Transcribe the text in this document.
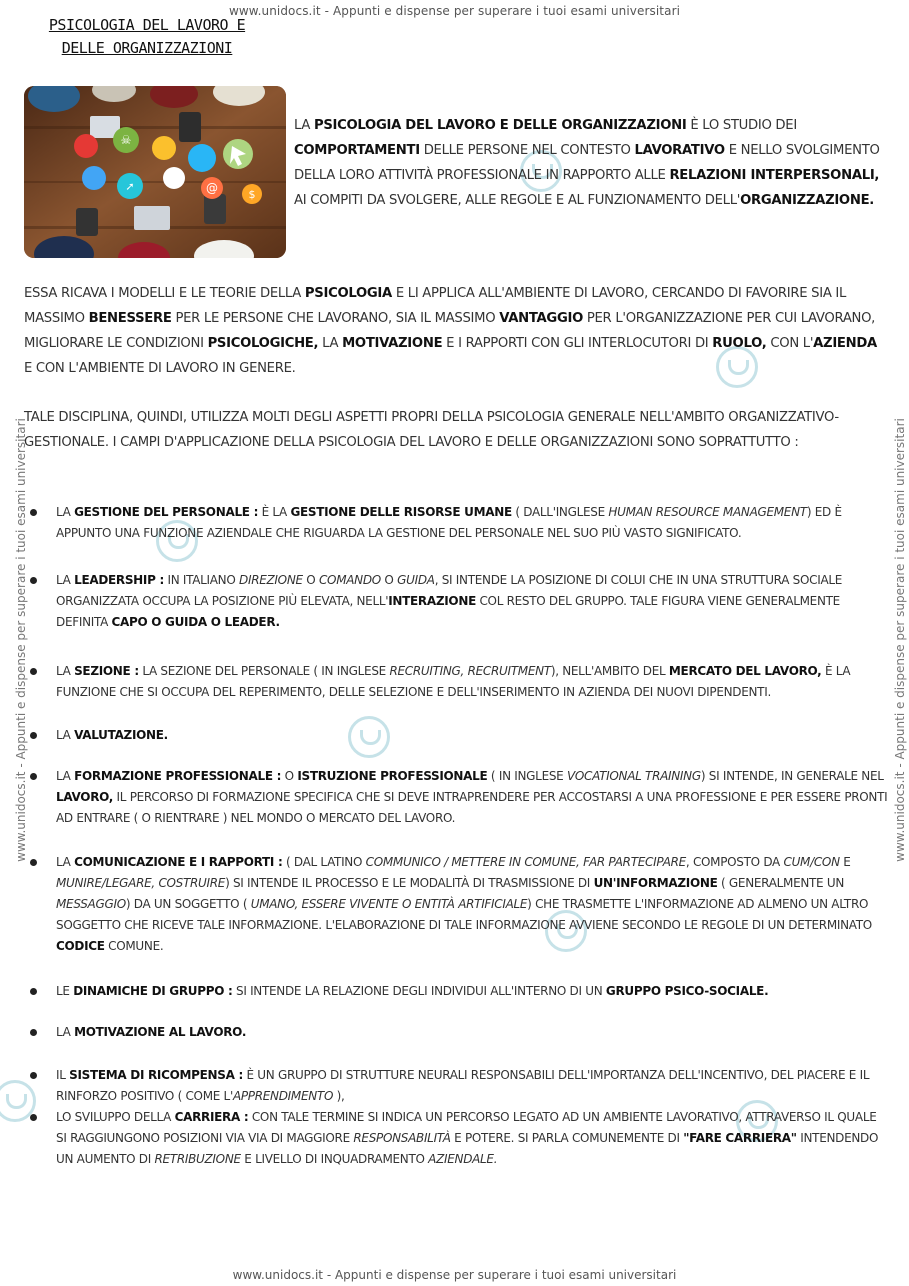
www.unidocs.it - Appunti e dispense per superare i tuoi esami universitari
www.unidocs.it - Appunti e dispense per superare i tuoi esami universitari
www.unidocs.it - Appunti e dispense per superare i tuoi esami universitari	www.unidocs.it - Appunti e dispense per superare i tuoi esami universitari
PSICOLOGIA DEL LAVORO E
DELLE ORGANIZZAZIONI
☠
@	$
➚
LA PSICOLOGIA DEL LAVORO E DELLE ORGANIZZAZIONI È LO STUDIO DEI COMPORTAMENTI DELLE PERSONE NEL CONTESTO LAVORATIVO E NELLO SVOLGIMENTO DELLA LORO ATTIVITÀ PROFESSIONALE IN RAPPORTO ALLE RELAZIONI INTERPERSONALI, AI COMPITI DA SVOLGERE, ALLE REGOLE E AL FUNZIONAMENTO DELL'ORGANIZZAZIONE.
ESSA RICAVA I MODELLI E LE TEORIE DELLA PSICOLOGIA E LI APPLICA ALL'AMBIENTE DI LAVORO, CERCANDO DI FAVORIRE SIA IL MASSIMO BENESSERE PER LE PERSONE CHE LAVORANO, SIA IL MASSIMO VANTAGGIO PER L'ORGANIZZAZIONE PER CUI LAVORANO, MIGLIORARE LE CONDIZIONI PSICOLOGICHE, LA MOTIVAZIONE E I RAPPORTI CON GLI INTERLOCUTORI DI RUOLO, CON L'AZIENDA E CON L'AMBIENTE DI LAVORO IN GENERE.
TALE DISCIPLINA, QUINDI, UTILIZZA MOLTI DEGLI ASPETTI PROPRI DELLA PSICOLOGIA GENERALE NELL'AMBITO ORGANIZZATIVO-GESTIONALE. I CAMPI D'APPLICAZIONE DELLA PSICOLOGIA DEL LAVORO E DELLE ORGANIZZAZIONI SONO SOPRATTUTTO :
LA GESTIONE DEL PERSONALE : È LA GESTIONE DELLE RISORSE UMANE ( DALL'INGLESE HUMAN RESOURCE MANAGEMENT) ED È APPUNTO UNA FUNZIONE AZIENDALE CHE RIGUARDA LA GESTIONE DEL PERSONALE NEL SUO PIÙ VASTO SIGNIFICATO.
LA LEADERSHIP : IN ITALIANO DIREZIONE O COMANDO O GUIDA, SI INTENDE LA POSIZIONE DI COLUI CHE IN UNA STRUTTURA SOCIALE ORGANIZZATA OCCUPA LA POSIZIONE PIÙ ELEVATA, NELL'INTERAZIONE COL RESTO DEL GRUPPO. TALE FIGURA VIENE GENERALMENTE DEFINITA CAPO O GUIDA O LEADER.
LA SEZIONE : LA SEZIONE DEL PERSONALE ( IN INGLESE RECRUITING, RECRUITMENT), NELL'AMBITO DEL MERCATO DEL LAVORO, È LA FUNZIONE CHE SI OCCUPA DEL REPERIMENTO, DELLE SELEZIONE E DELL'INSERIMENTO IN AZIENDA DEI NUOVI DIPENDENTI.
LA VALUTAZIONE.
LA FORMAZIONE PROFESSIONALE : O ISTRUZIONE PROFESSIONALE ( IN INGLESE VOCATIONAL TRAINING) SI INTENDE, IN GENERALE NEL LAVORO, IL PERCORSO DI FORMAZIONE SPECIFICA CHE SI DEVE INTRAPRENDERE PER ACCOSTARSI A UNA PROFESSIONE E PER ESSERE PRONTI AD ENTRARE ( O RIENTRARE ) NEL MONDO O MERCATO DEL LAVORO.
LA COMUNICAZIONE E I RAPPORTI : ( DAL LATINO COMMUNICO / METTERE IN COMUNE, FAR PARTECIPARE, COMPOSTO DA CUM/CON E MUNIRE/LEGARE, COSTRUIRE) SI INTENDE IL PROCESSO E LE MODALITÀ DI TRASMISSIONE DI UN'INFORMAZIONE ( GENERALMENTE UN MESSAGGIO) DA UN SOGGETTO ( UMANO, ESSERE VIVENTE O ENTITÀ ARTIFICIALE) CHE TRASMETTE L'INFORMAZIONE AD ALMENO UN ALTRO SOGGETTO CHE RICEVE TALE INFORMAZIONE. L'ELABORAZIONE DI TALE INFORMAZIONE AVVIENE SECONDO LE REGOLE DI UN DETERMINATO CODICE COMUNE.
LE DINAMICHE DI GRUPPO : SI INTENDE LA RELAZIONE DEGLI INDIVIDUI ALL'INTERNO DI UN GRUPPO PSICO-SOCIALE.
LA MOTIVAZIONE AL LAVORO.
IL SISTEMA DI RICOMPENSA : È UN GRUPPO DI STRUTTURE NEURALI RESPONSABILI DELL'IMPORTANZA DELL'INCENTIVO, DEL PIACERE E IL RINFORZO POSITIVO ( COME L'APPRENDIMENTO ),
LO SVILUPPO DELLA CARRIERA : CON TALE TERMINE SI INDICA UN PERCORSO LEGATO AD UN AMBIENTE LAVORATIVO, ATTRAVERSO IL QUALE SI RAGGIUNGONO POSIZIONI VIA VIA DI MAGGIORE RESPONSABILITÀ E POTERE. SI PARLA COMUNEMENTE DI "FARE CARRIERA" INTENDENDO UN AUMENTO DI RETRIBUZIONE E LIVELLO DI INQUADRAMENTO AZIENDALE.
